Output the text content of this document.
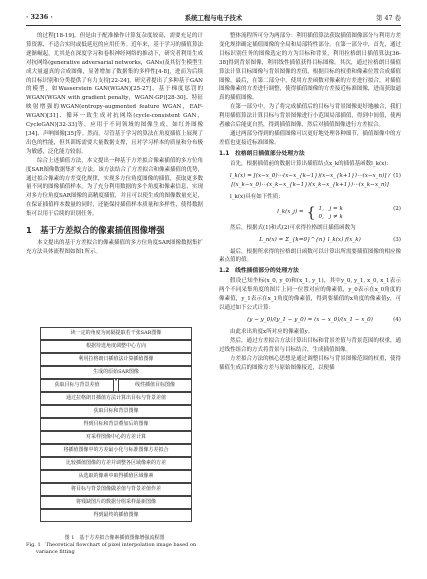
· 3236 ·	系统工程与电子技术	第 47 卷

的过程[18-19]，但是由于配准操作计算复杂度较高，需要充足的计算资源，不适合实时或低延迟的应用任务。近年来，基于学习的插值算法逐渐崛起，尤其是在深度学习和卷积神经网络的推动下，研究者利用生成对抗网络(generative adversarial networks，GANs)及其衍生模型生成大量逼真的合成图像，显著增加了数据集的多样性[4-8]，进而为后续的目标识别和分类提供了有力支持[22-24]。研究者提出了多种基于GAN的模型，如Wasserstein GAN(WGAN)[25-27]、基于梯度惩罚的WGAN(WGAN with gradient penalty，WGAN-GP)[28-30]、特征映射增强的WGAN(entropy-augmented feature WGAN，EAF-WGAN)[31]、循环一致生成对抗网络(cycle-consistent GAN，CycleGAN)[32-33]等，应用于不同领域的图像生成，如红外图像[34]、声呐图像[35]等。然而，尽管基于学习的算法在角度插值上展现了出色的性能，但其训练需要大量数据支撑，且对学习样本的质量和分布极为敏感，泛化能力较弱。

综合上述插值方法，本文提出一种基于方差拟合像素插值的多方位角度SAR图像数据集扩充方法。该方法结合了方差拟合和像素插值的优势，通过拟合像素的方差变化规律，实现多方位角度图像的插值，获取更多数量不同的图像插值样本。为了充分利用数据的多个角度和像素信息，实现对多方位角度SAR图像的高精度插值，并且可以使生成的图像数量充足，在保证插值样本数量的同时，还能保持插值样本质量和多样性，使得数据集可以用于后续的识别任务。

1　基于方差拟合的像素插值图像增强

本文提出的基于方差拟合的像素插值的多方位角度SAR图像数据集扩充方法具体流程图如图1所示。

读一定的角度为间隔提取若干张SAR图像
根据待选角度调整中心方向
利用拉格朗日插值法计算插值图像
生成的原始SAR图像
获取目标与背景差值	线性插值目标图像
通过拉格朗日插值方法计算出目标与背景差值
获取目标和背景图像
得到目标和背景叠加后的图像
对采样图像中心的方差计算
将插值图像中的方差最小化与标准图像方差拟合
比较插值图像的方差并调整各区域像素的方差
从选取的像素中取得插值区域像素
将目标与背景图像做差值与背景差值作差
将残缺图片的数据分组采样最新图像
得到最终的插值图像
图 1　基于方差拟合像素插值图像增强流程图
Fig. 1　Theoretical flowchart of pixel interpolation image based on variance fitting

整体流程所可分为两部分：利用插值算法获取插值图像部分与利用方差变化规律确定插值图像的全局和局部特性部分。在第一部分中，首先，通过目标识别任务的图像选定的方为目标和背景，利用拉格朗日插值算法[36-38]得到背景图像，利用线性插值获得目标图像。其次，通过拉格朗日插值算法计算目标图像与背景图像的差值，根据目标的权重和像素位置合成插值图像。最后，在第二部分中，使用方差函数对像素的方差进行拟合，对插值图像像素的方差进行调整，使得插值图像的方差接近标准图像，进而获取逼真的插值图像。

在第一部分中，为了将完成插值后的目标与背景图像更好地融合，我们利用插值算法计算目标与背景图像进行小范围局部插值，得到中间值，使两者融合后能更自然，得到插值图像，然后对插值图像进行方差拟合。

通过两部分得到的插值图像可以更好地处理各种细节，插值图像中的方差值也更接近标准图像。

1.1　拉格朗日插值部分处理方法

首先，根据插值前的数据计算出插值结点x_k的插值基函数l_k(x)：

l_k(x) = [(x−x_0)⋯(x−x_{k−1})(x−x_{k+1})⋯(x−x_n)] / [(x_k−x_0)⋯(x_k−x_{k−1})(x_k−x_{k+1})⋯(x_k−x_n)]
(1)

l_k(x)具有如下性质：

l_k(x_j) = { 1,　j = k
0,　j ≠ k
(2)

然后，根据式(1)和式(2)可求得拉格朗日插值函数为

L_n(x) = Σ_{k=0}^{n} l_k(x) f(x_k)	(3)

最后，根据所求得的拉格朗日函数可以计算出所需要插值图像的相应像素点值的值。

1.2　线性插值部分的处理方法

假设已知坐标(x_0, y_0)和(x_1, y_1)，其中y_0, y_1, x_0, x_1表示两个不同采集角度的图片上同一位置对应的像素值，y_0表示在x_0角度的像素值，y_1表示在x_1角度的像素值，得到要插值的x角度的像素值y，可以通过如下公式计算：

(y − y_0)/(y_1 − y_0) = (x − x_0)/(x_1 − x_0)	(4)

由此求出角度x所对应的像素值y。

然后，通过方差拟合方法计算出目标和背景差值与背景范围的权重，通过线性组合的方式将背景与目标结合，生成插值图像。

方差拟合方法的核心思想是通过调整目标与背景图像范围的权重，使得插值生成后的图像方差与原始图像接近，以便插
